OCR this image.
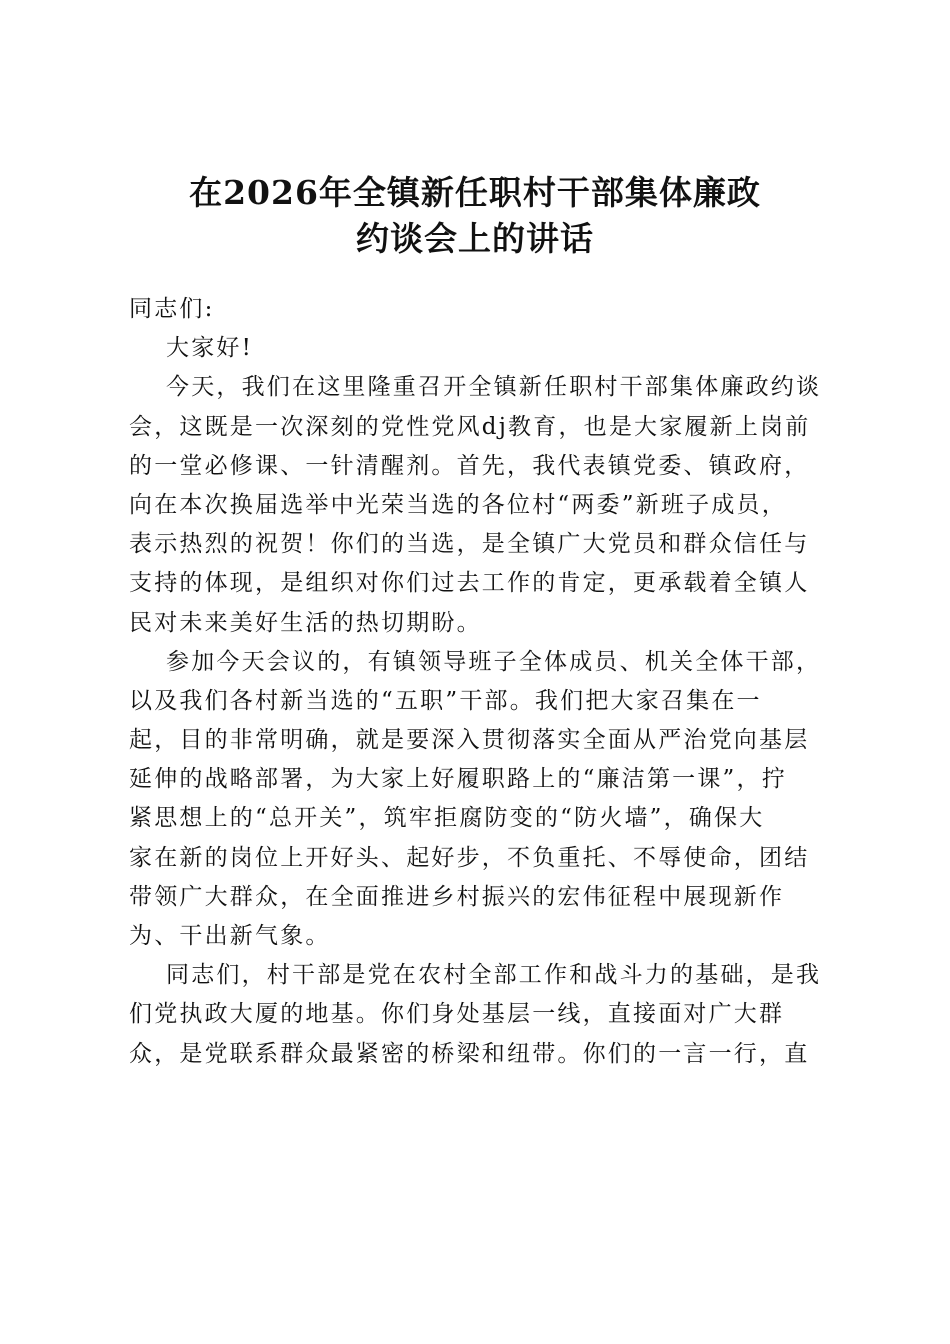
在2026年全镇新任职村干部集体廉政
约谈会上的讲话
同志们:
大家好!
今天，我们在这里隆重召开全镇新任职村干部集体廉政约谈
会，这既是一次深刻的党性党风dj教育，也是大家履新上岗前
的一堂必修课、一针清醒剂。首先，我代表镇党委、镇政府，
向在本次换届选举中光荣当选的各位村“两委”新班子成员，
表示热烈的祝贺！你们的当选，是全镇广大党员和群众信任与
支持的体现，是组织对你们过去工作的肯定，更承载着全镇人
民对未来美好生活的热切期盼。
参加今天会议的，有镇领导班子全体成员、机关全体干部，
以及我们各村新当选的“五职”干部。我们把大家召集在一
起，目的非常明确，就是要深入贯彻落实全面从严治党向基层
延伸的战略部署，为大家上好履职路上的“廉洁第一课”，拧
紧思想上的“总开关”，筑牢拒腐防变的“防火墙”，确保大
家在新的岗位上开好头、起好步，不负重托、不辱使命，团结
带领广大群众，在全面推进乡村振兴的宏伟征程中展现新作
为、干出新气象。
同志们，村干部是党在农村全部工作和战斗力的基础，是我
们党执政大厦的地基。你们身处基层一线，直接面对广大群
众，是党联系群众最紧密的桥梁和纽带。你们的一言一行，直
